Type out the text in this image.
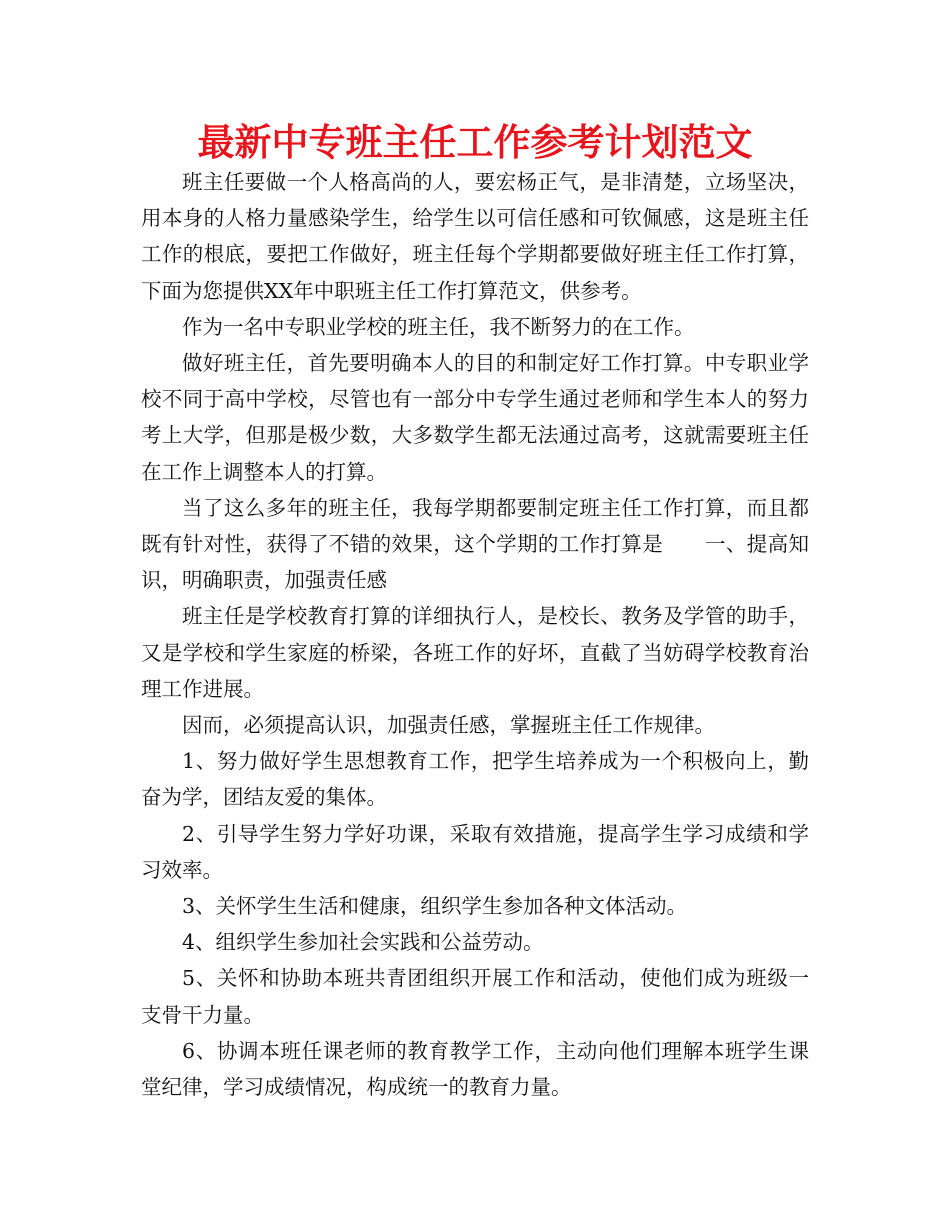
最新中专班主任工作参考计划范文

班主任要做一个人格高尚的人，要宏杨正气，是非清楚，立场坚决，用本身的人格力量感染学生，给学生以可信任感和可钦佩感，这是班主任工作的根底，要把工作做好，班主任每个学期都要做好班主任工作打算，下面为您提供XX年中职班主任工作打算范文，供参考。

作为一名中专职业学校的班主任，我不断努力的在工作。

做好班主任，首先要明确本人的目的和制定好工作打算。中专职业学校不同于高中学校，尽管也有一部分中专学生通过老师和学生本人的努力考上大学，但那是极少数，大多数学生都无法通过高考，这就需要班主任在工作上调整本人的打算。

当了这么多年的班主任，我每学期都要制定班主任工作打算，而且都既有针对性，获得了不错的效果，这个学期的工作打算是　　一、提高知识，明确职责，加强责任感

班主任是学校教育打算的详细执行人，是校长、教务及学管的助手，又是学校和学生家庭的桥梁，各班工作的好坏，直截了当妨碍学校教育治理工作进展。

因而，必须提高认识，加强责任感，掌握班主任工作规律。

1、努力做好学生思想教育工作，把学生培养成为一个积极向上，勤奋为学，团结友爱的集体。

2、引导学生努力学好功课，采取有效措施，提高学生学习成绩和学习效率。

3、关怀学生生活和健康，组织学生参加各种文体活动。

4、组织学生参加社会实践和公益劳动。

5、关怀和协助本班共青团组织开展工作和活动，使他们成为班级一支骨干力量。

6、协调本班任课老师的教育教学工作，主动向他们理解本班学生课堂纪律，学习成绩情况，构成统一的教育力量。
